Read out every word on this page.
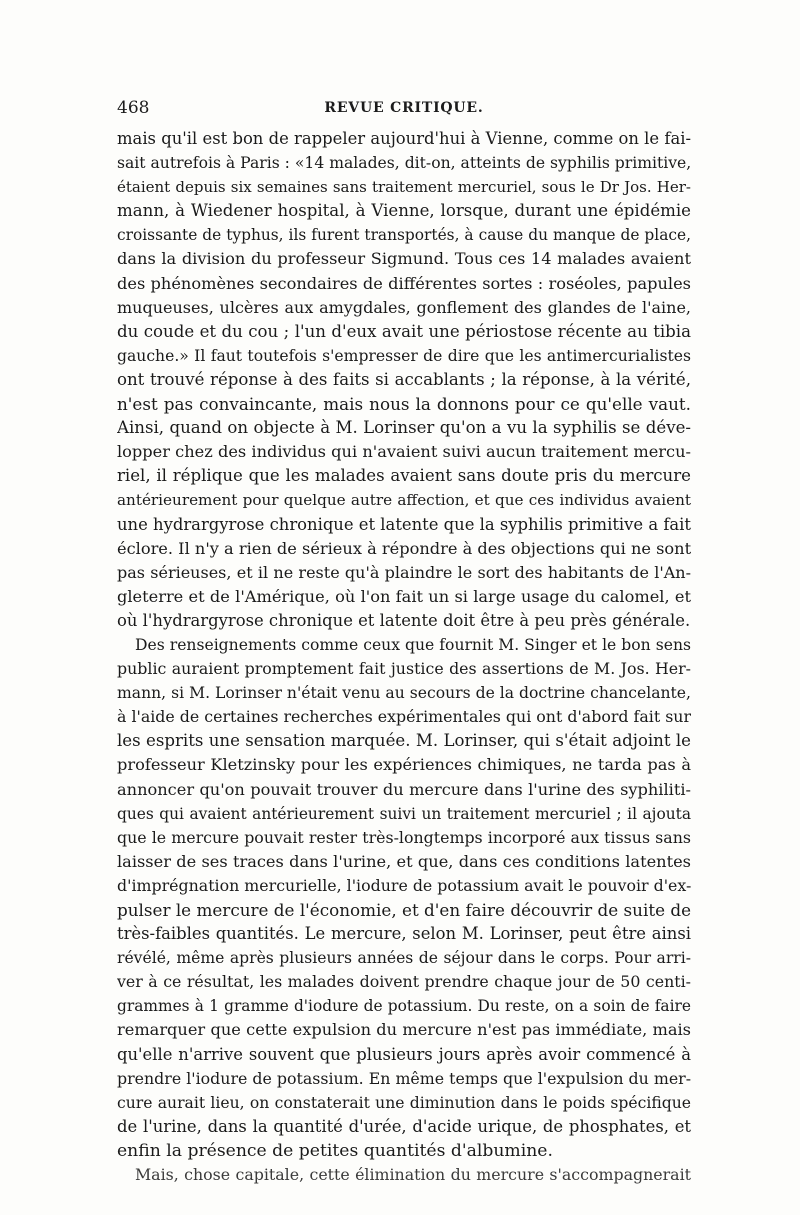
468	REVUE CRITIQUE.
mais qu'il est bon de rappeler aujourd'hui à Vienne, comme on le fai-
sait autrefois à Paris : «14 malades, dit-on, atteints de syphilis primitive,
étaient depuis six semaines sans traitement mercuriel, sous le Dr Jos. Her-
mann, à Wiedener hospital, à Vienne, lorsque, durant une épidémie
croissante de typhus, ils furent transportés, à cause du manque de place,
dans la division du professeur Sigmund. Tous ces 14 malades avaient
des phénomènes secondaires de différentes sortes : roséoles, papules
muqueuses, ulcères aux amygdales, gonflement des glandes de l'aine,
du coude et du cou ; l'un d'eux avait une périostose récente au tibia
gauche.» Il faut toutefois s'empresser de dire que les antimercurialistes
ont trouvé réponse à des faits si accablants ; la réponse, à la vérité,
n'est pas convaincante, mais nous la donnons pour ce qu'elle vaut.
Ainsi, quand on objecte à M. Lorinser qu'on a vu la syphilis se déve-
lopper chez des individus qui n'avaient suivi aucun traitement mercu-
riel, il réplique que les malades avaient sans doute pris du mercure
antérieurement pour quelque autre affection, et que ces individus avaient
une hydrargyrose chronique et latente que la syphilis primitive a fait
éclore. Il n'y a rien de sérieux à répondre à des objections qui ne sont
pas sérieuses, et il ne reste qu'à plaindre le sort des habitants de l'An-
gleterre et de l'Amérique, où l'on fait un si large usage du calomel, et
où l'hydrargyrose chronique et latente doit être à peu près générale.
Des renseignements comme ceux que fournit M. Singer et le bon sens
public auraient promptement fait justice des assertions de M. Jos. Her-
mann, si M. Lorinser n'était venu au secours de la doctrine chancelante,
à l'aide de certaines recherches expérimentales qui ont d'abord fait sur
les esprits une sensation marquée. M. Lorinser, qui s'était adjoint le
professeur Kletzinsky pour les expériences chimiques, ne tarda pas à
annoncer qu'on pouvait trouver du mercure dans l'urine des syphiliti-
ques qui avaient antérieurement suivi un traitement mercuriel ; il ajouta
que le mercure pouvait rester très-longtemps incorporé aux tissus sans
laisser de ses traces dans l'urine, et que, dans ces conditions latentes
d'imprégnation mercurielle, l'iodure de potassium avait le pouvoir d'ex-
pulser le mercure de l'économie, et d'en faire découvrir de suite de
très-faibles quantités. Le mercure, selon M. Lorinser, peut être ainsi
révélé, même après plusieurs années de séjour dans le corps. Pour arri-
ver à ce résultat, les malades doivent prendre chaque jour de 50 centi-
grammes à 1 gramme d'iodure de potassium. Du reste, on a soin de faire
remarquer que cette expulsion du mercure n'est pas immédiate, mais
qu'elle n'arrive souvent que plusieurs jours après avoir commencé à
prendre l'iodure de potassium. En même temps que l'expulsion du mer-
cure aurait lieu, on constaterait une diminution dans le poids spécifique
de l'urine, dans la quantité d'urée, d'acide urique, de phosphates, et
enfin la présence de petites quantités d'albumine.
Mais, chose capitale, cette élimination du mercure s'accompagnerait
